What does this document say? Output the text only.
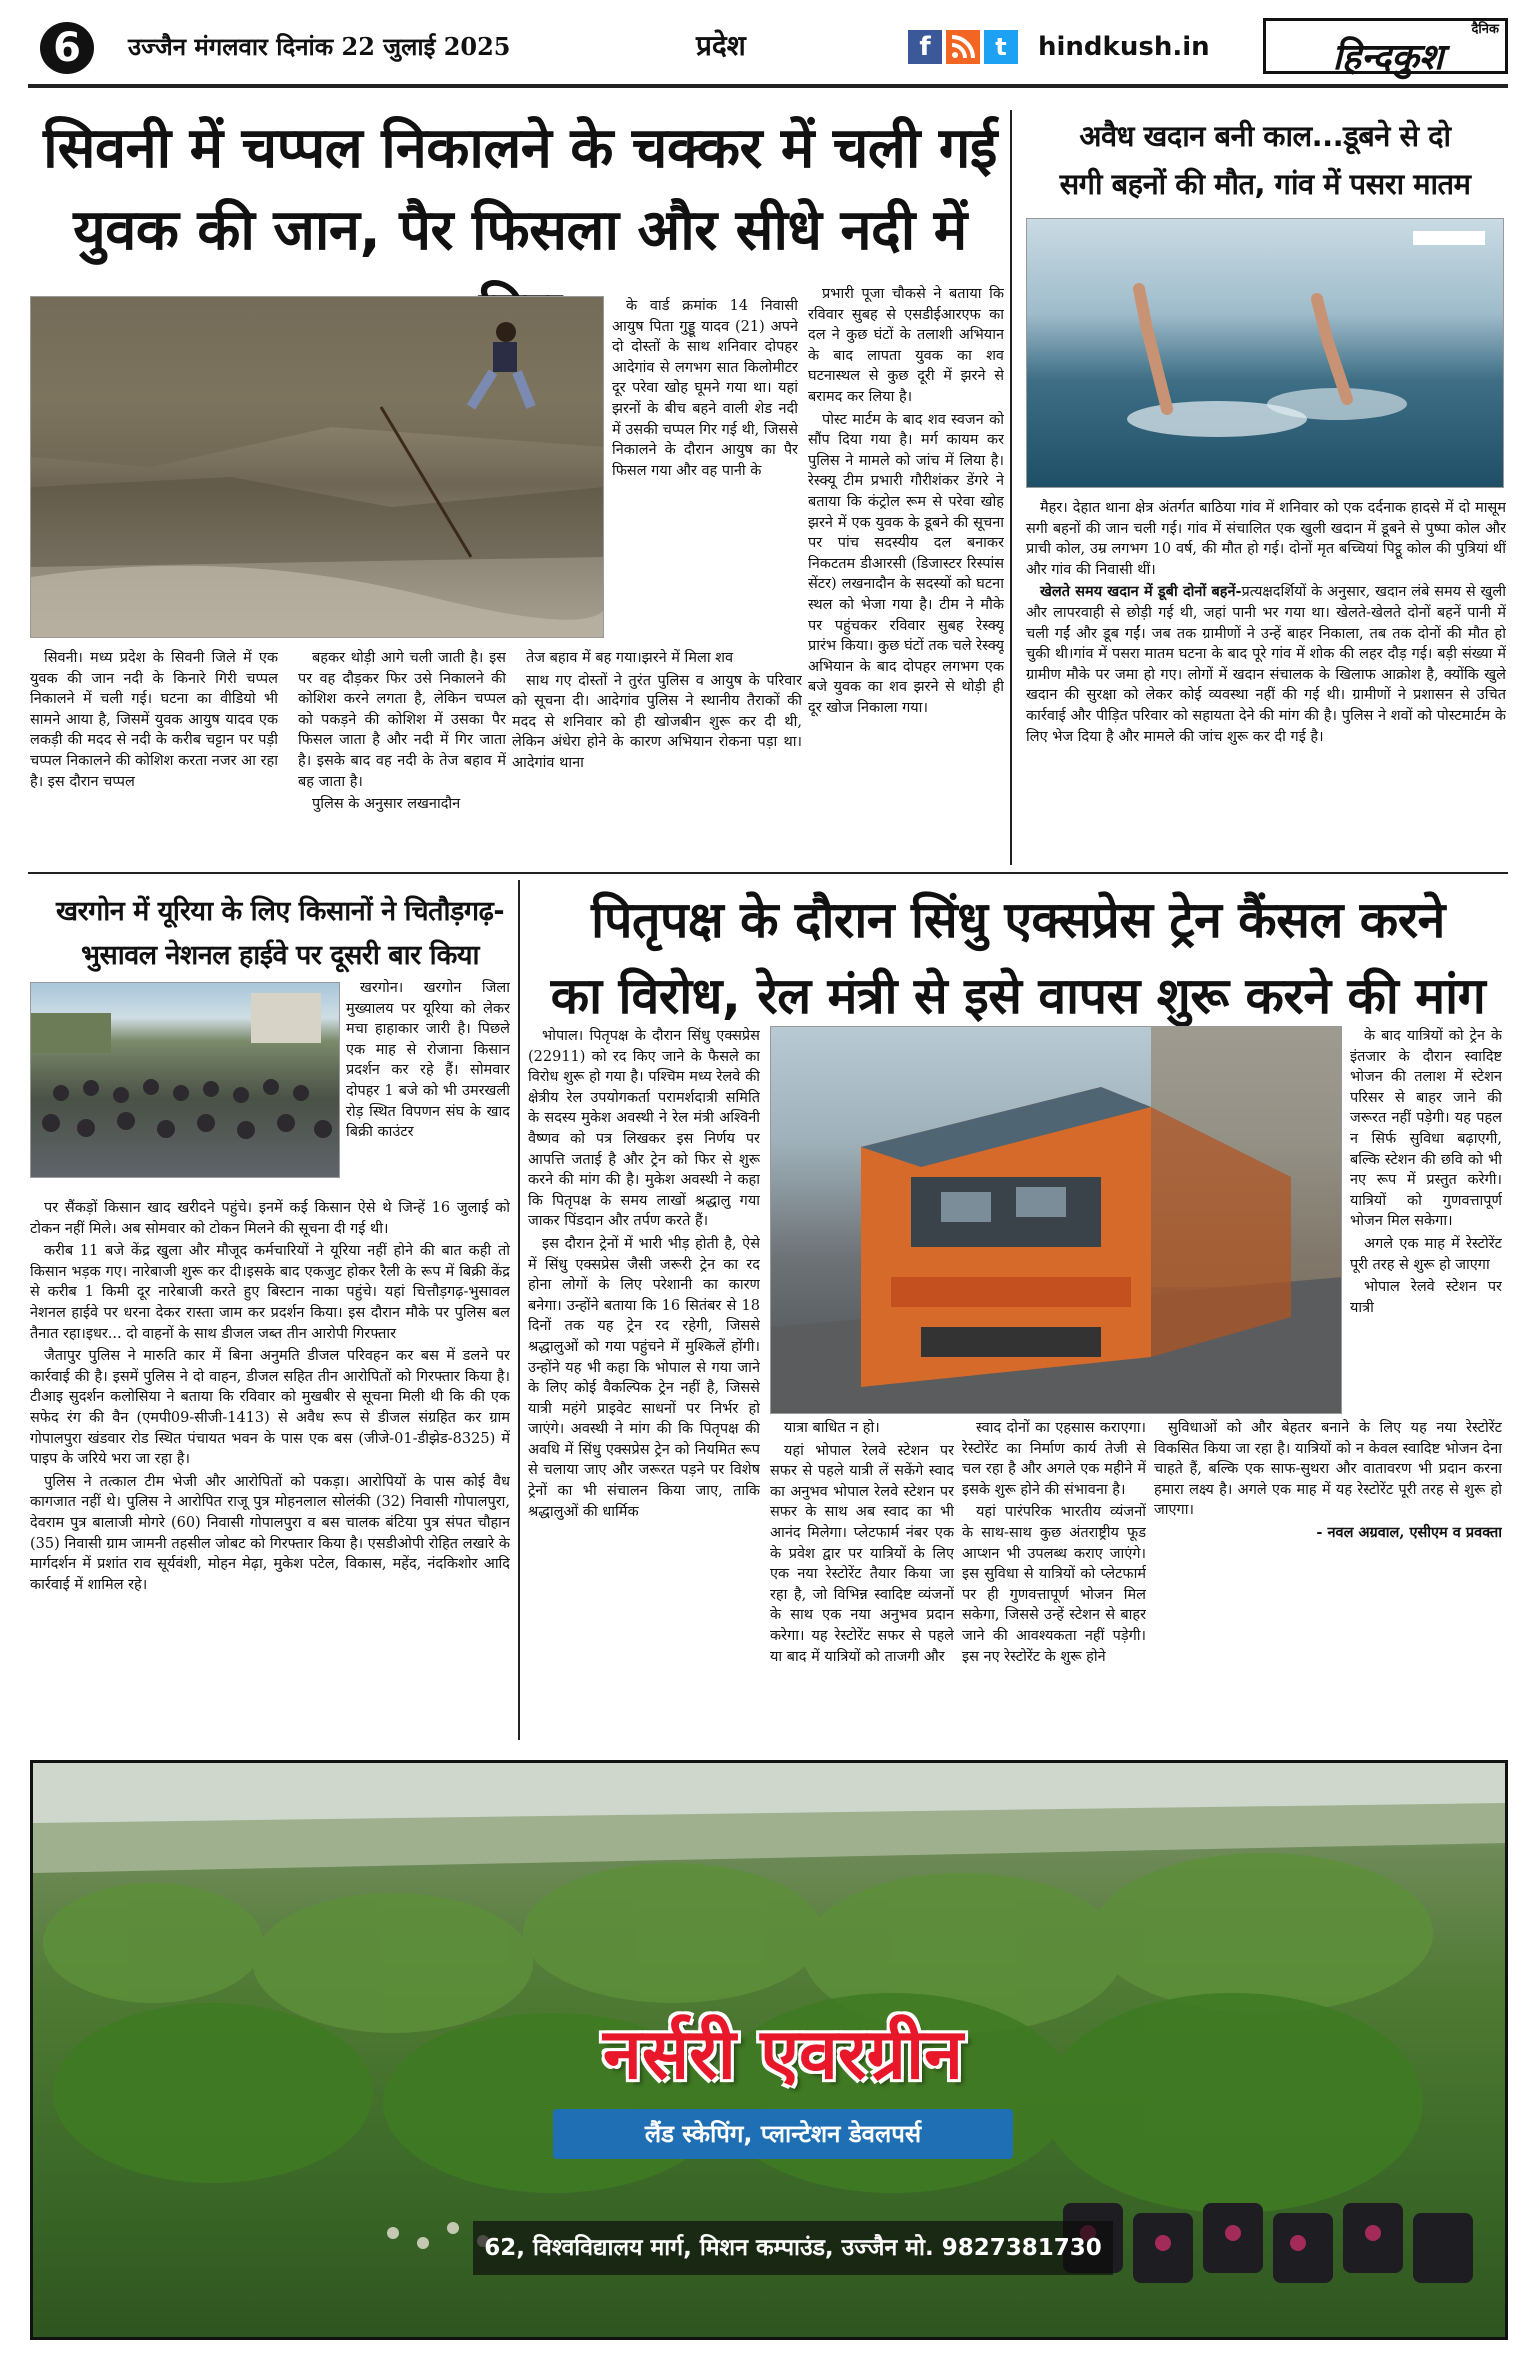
6	उज्जैन मंगलवार दिनांक 22 जुलाई 2025	प्रदेश	f	t	hindkush.in
दैनिक
हिन्दकुश
सिवनी में चप्पल निकालने के चक्कर में चली गई
युवक की जान, पैर फिसला और सीधे नदी में

के वार्ड क्रमांक 14 निवासी आयुष पिता गुड्डू यादव (21) अपने दो दोस्तों के साथ शनिवार दोपहर आदेगांव से लगभग सात किलोमीटर दूर परेवा खोह घूमने गया था। यहां झरनों के बीच बहने वाली शेड नदी में उसकी चप्पल गिर गई थी, जिससे निकालने के दौरान आयुष का पैर फिसल गया और वह पानी के

प्रभारी पूजा चौकसे ने बताया कि रविवार सुबह से एसडीईआरएफ का दल ने कुछ घंटों के तलाशी अभियान के बाद लापता युवक का शव घटनास्थल से कुछ दूरी में झरने से बरामद कर लिया है।

पोस्ट मार्टम के बाद शव स्वजन को सौंप दिया गया है। मर्ग कायम कर पुलिस ने मामले को जांच में लिया है।रेस्क्यू टीम प्रभारी गौरीशंकर डेंगरे ने बताया कि कंट्रोल रूम से परेवा खोह झरने में एक युवक के डूबने की सूचना पर पांच सदस्यीय दल बनाकर निकटतम डीआरसी (डिजास्टर रिस्पांस सेंटर) लखनादौन के सदस्यों को घटना स्थल को भेजा गया है। टीम ने मौके पर पहुंचकर रविवार सुबह रेस्क्यू प्रारंभ किया। कुछ घंटों तक चले रेस्क्यू अभियान के बाद दोपहर लगभग एक बजे युवक का शव झरने से थोड़ी ही दूर खोज निकाला गया।

सिवनी। मध्य प्रदेश के सिवनी जिले में एक युवक की जान नदी के किनारे गिरी चप्पल निकालने में चली गई। घटना का वीडियो भी सामने आया है, जिसमें युवक आयुष यादव एक लकड़ी की मदद से नदी के करीब चट्टान पर पड़ी चप्पल निकालने की कोशिश करता नजर आ रहा है। इस दौरान चप्पल

बहकर थोड़ी आगे चली जाती है। इस पर वह दौड़कर फिर उसे निकालने की कोशिश करने लगता है, लेकिन चप्पल को पकड़ने की कोशिश में उसका पैर फिसल जाता है और नदी में गिर जाता है। इसके बाद वह नदी के तेज बहाव में बह जाता है।

पुलिस के अनुसार लखनादौन

तेज बहाव में बह गया।झरने में मिला शव

साथ गए दोस्तों ने तुरंत पुलिस व आयुष के परिवार को सूचना दी। आदेगांव पुलिस ने स्थानीय तैराकों की मदद से शनिवार को ही खोजबीन शुरू कर दी थी, लेकिन अंधेरा होने के कारण अभियान रोकना पड़ा था। आदेगांव थाना

अवैध खदान बनी काल...डूबने से दो
सगी बहनों की मौत, गांव में पसरा मातम

मैहर। देहात थाना क्षेत्र अंतर्गत बाठिया गांव में शनिवार को एक दर्दनाक हादसे में दो मासूम सगी बहनों की जान चली गई। गांव में संचालित एक खुली खदान में डूबने से पुष्पा कोल और प्राची कोल, उम्र लगभग 10 वर्ष, की मौत हो गई। दोनों मृत बच्चियां पिट्ठू कोल की पुत्रियां थीं और गांव की निवासी थीं।

खेलते समय खदान में डूबी दोनों बहनें-प्रत्यक्षदर्शियों के अनुसार, खदान लंबे समय से खुली और लापरवाही से छोड़ी गई थी, जहां पानी भर गया था। खेलते-खेलते दोनों बहनें पानी में चली गईं और डूब गईं। जब तक ग्रामीणों ने उन्हें बाहर निकाला, तब तक दोनों की मौत हो चुकी थी।गांव में पसरा मातम घटना के बाद पूरे गांव में शोक की लहर दौड़ गई। बड़ी संख्या में ग्रामीण मौके पर जमा हो गए। लोगों में खदान संचालक के खिलाफ आक्रोश है, क्योंकि खुले खदान की सुरक्षा को लेकर कोई व्यवस्था नहीं की गई थी। ग्रामीणों ने प्रशासन से उचित कार्रवाई और पीड़ित परिवार को सहायता देने की मांग की है। पुलिस ने शवों को पोस्टमार्टम के लिए भेज दिया है और मामले की जांच शुरू कर दी गई है।

खरगोन में यूरिया के लिए किसानों ने चितौड़गढ़-
भुसावल नेशनल हाईवे पर दूसरी बार किया

खरगोन। खरगोन जिला मुख्यालय पर यूरिया को लेकर मचा हाहाकार जारी है। पिछले एक माह से रोजाना किसान प्रदर्शन कर रहे हैं। सोमवार दोपहर 1 बजे को भी उमरखली रोड़ स्थित विपणन संघ के खाद बिक्री काउंटर

पर सैंकड़ों किसान खाद खरीदने पहुंचे। इनमें कई किसान ऐसे थे जिन्हें 16 जुलाई को टोकन नहीं मिले। अब सोमवार को टोकन मिलने की सूचना दी गई थी।

करीब 11 बजे केंद्र खुला और मौजूद कर्मचारियों ने यूरिया नहीं होने की बात कही तो किसान भड़क गए। नारेबाजी शुरू कर दी।इसके बाद एकजुट होकर रैली के रूप में बिक्री केंद्र से करीब 1 किमी दूर नारेबाजी करते हुए बिस्टान नाका पहुंचे। यहां चित्तौड़गढ़-भुसावल नेशनल हाईवे पर धरना देकर रास्ता जाम कर प्रदर्शन किया। इस दौरान मौके पर पुलिस बल तैनात रहा।इधर... दो वाहनों के साथ डीजल जब्त तीन आरोपी गिरफ्तार

जैतापुर पुलिस ने मारुति कार में बिना अनुमति डीजल परिवहन कर बस में डलने पर कार्रवाई की है। इसमें पुलिस ने दो वाहन, डीजल सहित तीन आरोपितों को गिरफ्तार किया है। टीआइ सुदर्शन कलोसिया ने बताया कि रविवार को मुखबीर से सूचना मिली थी कि की एक सफेद रंग की वैन (एमपी09-सीजी-1413) से अवैध रूप से डीजल संग्रहित कर ग्राम गोपालपुरा खंडवार रोड स्थित पंचायत भवन के पास एक बस (जीजे-01-डीझेड-8325) में पाइप के जरिये भरा जा रहा है।

पुलिस ने तत्काल टीम भेजी और आरोपितों को पकड़ा। आरोपियों के पास कोई वैध कागजात नहीं थे। पुलिस ने आरोपित राजू पुत्र मोहनलाल सोलंकी (32) निवासी गोपालपुरा, देवराम पुत्र बालाजी मोगरे (60) निवासी गोपालपुरा व बस चालक बंटिया पुत्र संपत चौहान (35) निवासी ग्राम जामनी तहसील जोबट को गिरफ्तार किया है। एसडीओपी रोहित लखारे के मार्गदर्शन में प्रशांत राव सूर्यवंशी, मोहन मेढ़ा, मुकेश पटेल, विकास, महेंद, नंदकिशोर आदि कार्रवाई में शामिल रहे।

पितृपक्ष के दौरान सिंधु एक्सप्रेस ट्रेन कैंसल करने
का विरोध, रेल मंत्री से इसे वापस शुरू करने की मांग

भोपाल। पितृपक्ष के दौरान सिंधु एक्सप्रेस (22911) को रद किए जाने के फैसले का विरोध शुरू हो गया है। पश्चिम मध्य रेलवे की क्षेत्रीय रेल उपयोगकर्ता परामर्शदात्री समिति के सदस्य मुकेश अवस्थी ने रेल मंत्री अश्विनी वैष्णव को पत्र लिखकर इस निर्णय पर आपत्ति जताई है और ट्रेन को फिर से शुरू करने की मांग की है। मुकेश अवस्थी ने कहा कि पितृपक्ष के समय लाखों श्रद्धालु गया जाकर पिंडदान और तर्पण करते हैं।

इस दौरान ट्रेनों में भारी भीड़ होती है, ऐसे में सिंधु एक्सप्रेस जैसी जरूरी ट्रेन का रद होना लोगों के लिए परेशानी का कारण बनेगा। उन्होंने बताया कि 16 सितंबर से 18 दिनों तक यह ट्रेन रद रहेगी, जिससे श्रद्धालुओं को गया पहुंचने में मुश्किलें होंगी। उन्होंने यह भी कहा कि भोपाल से गया जाने के लिए कोई वैकल्पिक ट्रेन नहीं है, जिससे यात्री महंगे प्राइवेट साधनों पर निर्भर हो जाएंगे। अवस्थी ने मांग की कि पितृपक्ष की अवधि में सिंधु एक्सप्रेस ट्रेन को नियमित रूप से चलाया जाए और जरूरत पड़ने पर विशेष ट्रेनों का भी संचालन किया जाए, ताकि श्रद्धालुओं की धार्मिक

के बाद यात्रियों को ट्रेन के इंतजार के दौरान स्वादिष्ट भोजन की तलाश में स्टेशन परिसर से बाहर जाने की जरूरत नहीं पड़ेगी। यह पहल न सिर्फ सुविधा बढ़ाएगी, बल्कि स्टेशन की छवि को भी नए रूप में प्रस्तुत करेगी। यात्रियों को गुणवत्तापूर्ण भोजन मिल सकेगा।

अगले एक माह में रेस्टोरेंट पूरी तरह से शुरू हो जाएगा

भोपाल रेलवे स्टेशन पर यात्री

यात्रा बाधित न हो।

यहां भोपाल रेलवे स्टेशन पर सफर से पहले यात्री लें सकेंगे स्वाद का अनुभव भोपाल रेलवे स्टेशन पर सफर के साथ अब स्वाद का भी आनंद मिलेगा। प्लेटफार्म नंबर एक के प्रवेश द्वार पर यात्रियों के लिए एक नया रेस्टोरेंट तैयार किया जा रहा है, जो विभिन्न स्वादिष्ट व्यंजनों के साथ एक नया अनुभव प्रदान करेगा। यह रेस्टोरेंट सफर से पहले या बाद में यात्रियों को ताजगी और

स्वाद दोनों का एहसास कराएगा। रेस्टोरेंट का निर्माण कार्य तेजी से चल रहा है और अगले एक महीने में इसके शुरू होने की संभावना है।

यहां पारंपरिक भारतीय व्यंजनों के साथ-साथ कुछ अंतराष्ट्रीय फूड आप्शन भी उपलब्ध कराए जाएंगे। इस सुविधा से यात्रियों को प्लेटफार्म पर ही गुणवत्तापूर्ण भोजन मिल सकेगा, जिससे उन्हें स्टेशन से बाहर जाने की आवश्यकता नहीं पड़ेगी।इस नए रेस्टोरेंट के शुरू होने

सुविधाओं को और बेहतर बनाने के लिए यह नया रेस्टोरेंट विकसित किया जा रहा है। यात्रियों को न केवल स्वादिष्ट भोजन देना चाहते हैं, बल्कि एक साफ-सुथरा और वातावरण भी प्रदान करना हमारा लक्ष्य है। अगले एक माह में यह रेस्टोरेंट पूरी तरह से शुरू हो जाएगा।

- नवल अग्रवाल, एसीएम व प्रवक्ता

नर्सरी एवरग्रीन
लैंड स्केपिंग, प्लान्टेशन डेवलपर्स
62, विश्वविद्यालय मार्ग, मिशन कम्पाउंड, उज्जैन मो. 9827381730
